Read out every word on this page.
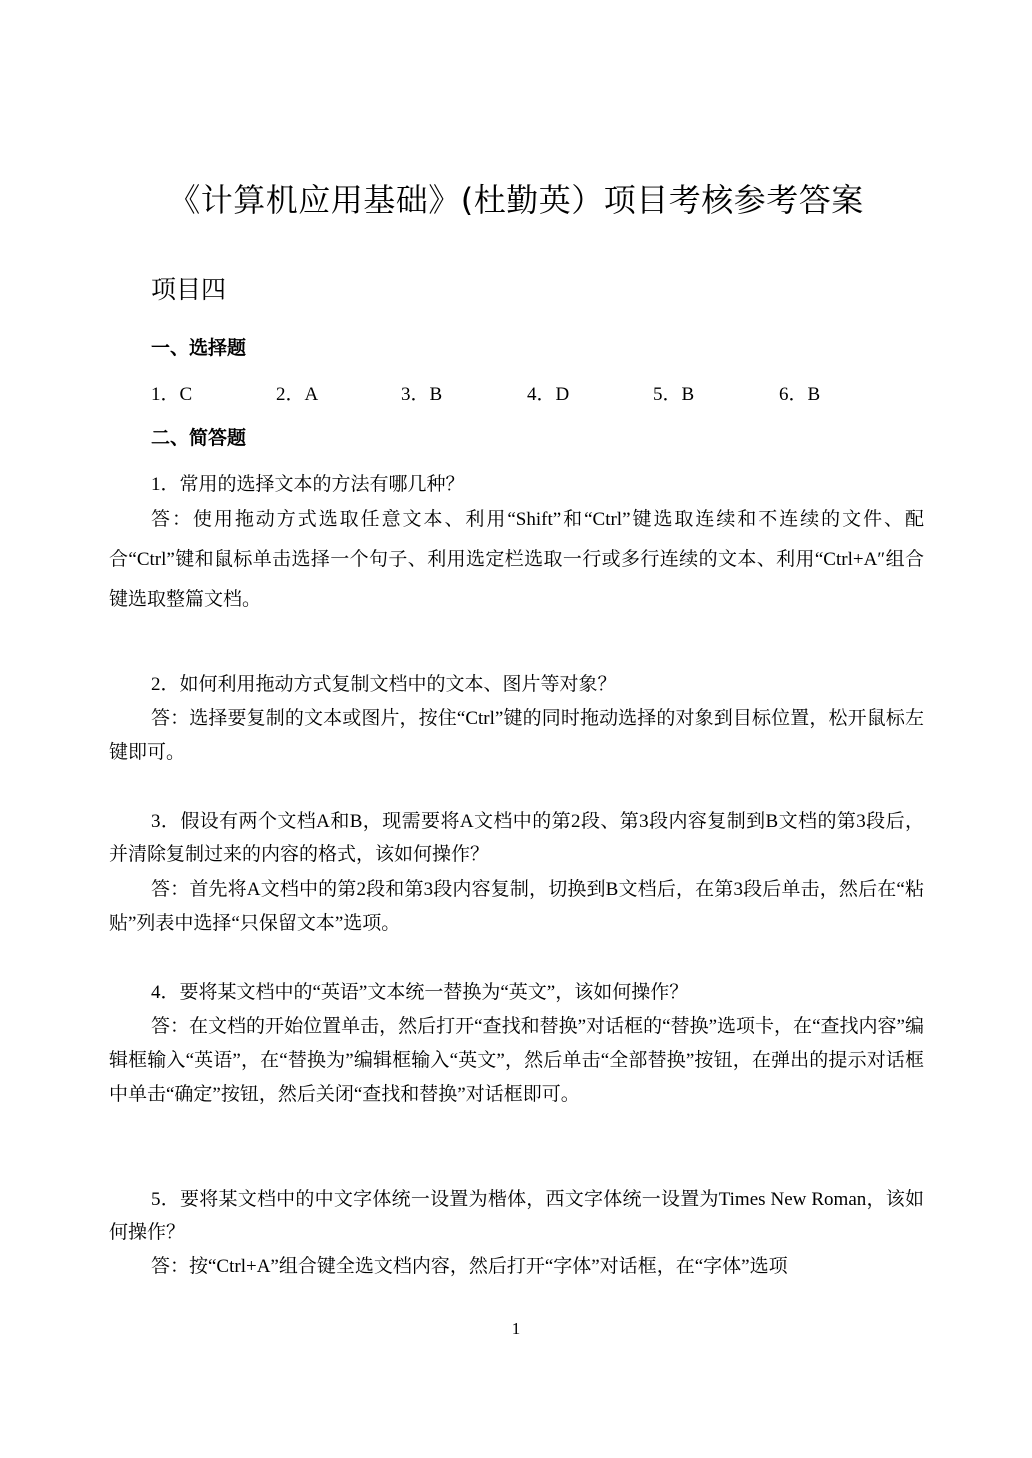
《计算机应用基础》(杜勤英）项目考核参考答案
项目四
一、选择题
1．C	2．A	3．B	4．D	5．B	6．B
二、简答题

1．常用的选择文本的方法有哪几种？

答：使用拖动方式选取任意文本、利用“Shift”和“Ctrl”键选取连续和不连续的文件、配合“Ctrl”键和鼠标单击选择一个句子、利用选定栏选取一行或多行连续的文本、利用“Ctrl+A″组合键选取整篇文档。

2．如何利用拖动方式复制文档中的文本、图片等对象？

答：选择要复制的文本或图片，按住“Ctrl”键的同时拖动选择的对象到目标位置，松开鼠标左键即可。

3．假设有两个文档A和B，现需要将A文档中的第2段、第3段内容复制到B文档的第3段后，并清除复制过来的内容的格式，该如何操作？

答：首先将A文档中的第2段和第3段内容复制，切换到B文档后，在第3段后单击，然后在“粘贴”列表中选择“只保留文本”选项。

4．要将某文档中的“英语”文本统一替换为“英文”，该如何操作？

答：在文档的开始位置单击，然后打开“查找和替换”对话框的“替换”选项卡，在“查找内容”编辑框输入“英语”，在“替换为”编辑框输入“英文”，然后单击“全部替换”按钮，在弹出的提示对话框中单击“确定”按钮，然后关闭“查找和替换”对话框即可。

5．要将某文档中的中文字体统一设置为楷体，西文字体统一设置为Times New Roman，该如何操作？

答：按“Ctrl+A”组合键全选文档内容，然后打开“字体”对话框，在“字体”选项

1
